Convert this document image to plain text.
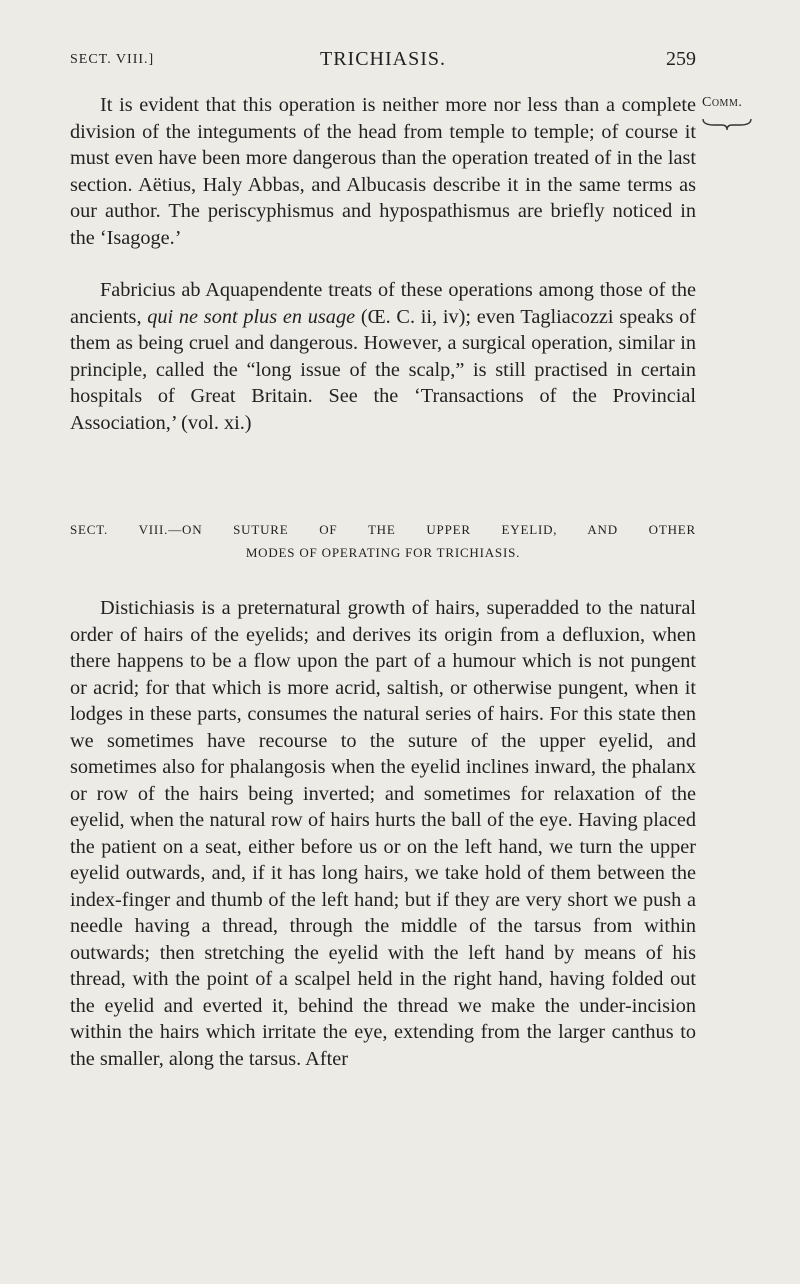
SECT. VIII.]	TRICHIASIS.	259
Comm.

It is evident that this operation is neither more nor less than a complete division of the integuments of the head from temple to temple; of course it must even have been more dangerous than the operation treated of in the last section. Aëtius, Haly Abbas, and Albucasis describe it in the same terms as our author. The periscyphismus and hypospathismus are briefly noticed in the ‘Isagoge.’

Fabricius ab Aquapendente treats of these operations among those of the ancients, qui ne sont plus en usage (Œ. C. ii, iv); even Tagliacozzi speaks of them as being cruel and dangerous. However, a surgical operation, similar in principle, called the “long issue of the scalp,” is still practised in certain hospitals of Great Britain. See the ‘Transactions of the Provincial Association,’ (vol. xi.)

SECT. VIII.—ON SUTURE OF THE UPPER EYELID, AND OTHER
MODES OF OPERATING FOR TRICHIASIS.

Distichiasis is a preternatural growth of hairs, superadded to the natural order of hairs of the eyelids; and derives its origin from a defluxion, when there happens to be a flow upon the part of a humour which is not pungent or acrid; for that which is more acrid, saltish, or otherwise pungent, when it lodges in these parts, consumes the natural series of hairs. For this state then we sometimes have recourse to the suture of the upper eyelid, and sometimes also for phalangosis when the eyelid inclines inward, the phalanx or row of the hairs being inverted; and sometimes for relaxation of the eyelid, when the natural row of hairs hurts the ball of the eye. Having placed the patient on a seat, either before us or on the left hand, we turn the upper eyelid outwards, and, if it has long hairs, we take hold of them between the index-finger and thumb of the left hand; but if they are very short we push a needle having a thread, through the middle of the tarsus from within outwards; then stretching the eyelid with the left hand by means of his thread, with the point of a scalpel held in the right hand, having folded out the eyelid and everted it, behind the thread we make the under-incision within the hairs which irritate the eye, extending from the larger canthus to the smaller, along the tarsus. After
